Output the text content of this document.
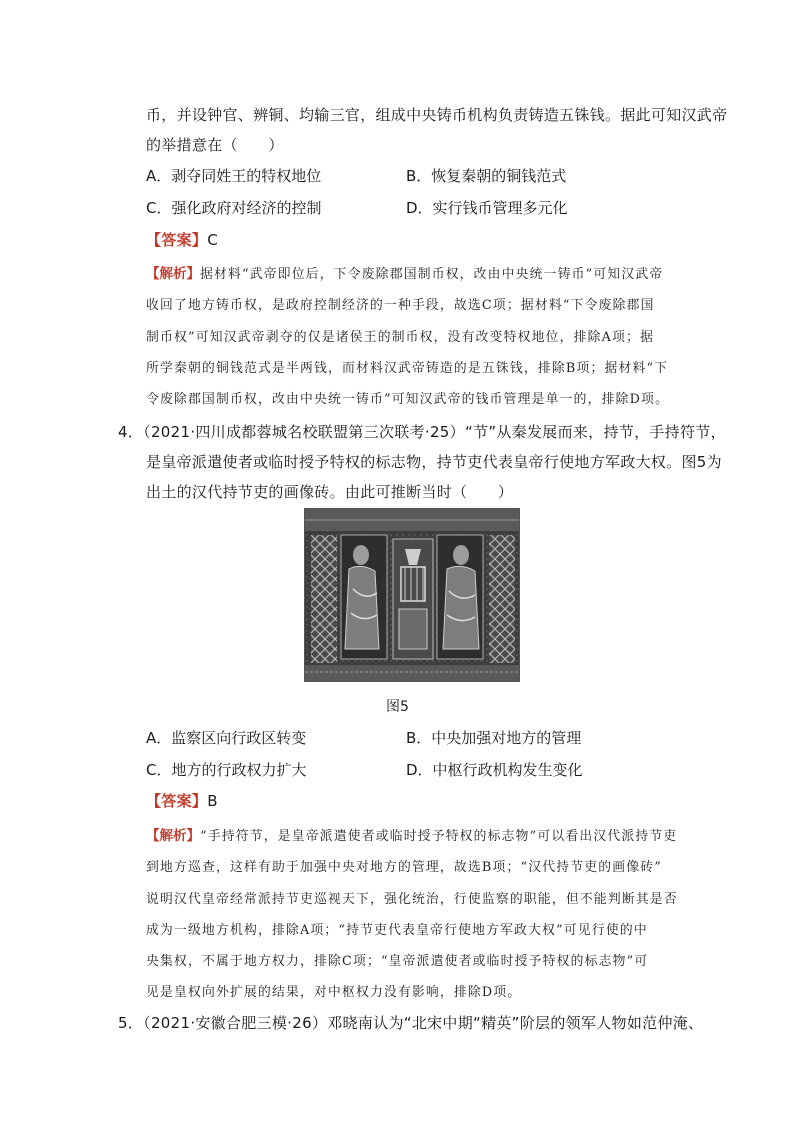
币，并设钟官、辨铜、均输三官，组成中央铸币机构负责铸造五铢钱。据此可知汉武帝
的举措意在（　　）
A．剥夺同姓王的特权地位	B．恢复秦朝的铜钱范式
C．强化政府对经济的控制	D．实行钱币管理多元化
【答案】C
【解析】据材料“武帝即位后，下令废除郡国制币权，改由中央统一铸币”可知汉武帝
收回了地方铸币权，是政府控制经济的一种手段，故选C项；据材料“下令废除郡国
制币权”可知汉武帝剥夺的仅是诸侯王的制币权，没有改变特权地位，排除A项；据
所学秦朝的铜钱范式是半两钱，而材料汉武帝铸造的是五铢钱，排除B项；据材料“下
令废除郡国制币权，改由中央统一铸币”可知汉武帝的钱币管理是单一的，排除D项。
4．（2021·四川成都蓉城名校联盟第三次联考·25）“节”从秦发展而来，持节，手持符节，
是皇帝派遣使者或临时授予特权的标志物，持节吏代表皇帝行使地方军政大权。图5为
出土的汉代持节吏的画像砖。由此可推断当时（　　）
图5
A．监察区向行政区转变	B．中央加强对地方的管理
C．地方的行政权力扩大	D．中枢行政机构发生变化
【答案】B
【解析】“手持符节，是皇帝派遣使者或临时授予特权的标志物”可以看出汉代派持节吏
到地方巡查，这样有助于加强中央对地方的管理，故选B项；“汉代持节吏的画像砖”
说明汉代皇帝经常派持节吏巡视天下，强化统治，行使监察的职能，但不能判断其是否
成为一级地方机构，排除A项；“持节吏代表皇帝行使地方军政大权”可见行使的中
央集权，不属于地方权力，排除C项；“皇帝派遣使者或临时授予特权的标志物”可
见是皇权向外扩展的结果，对中枢权力没有影响，排除D项。
5．（2021·安徽合肥三模·26）邓晓南认为“北宋中期“精英”阶层的领军人物如范仲淹、
